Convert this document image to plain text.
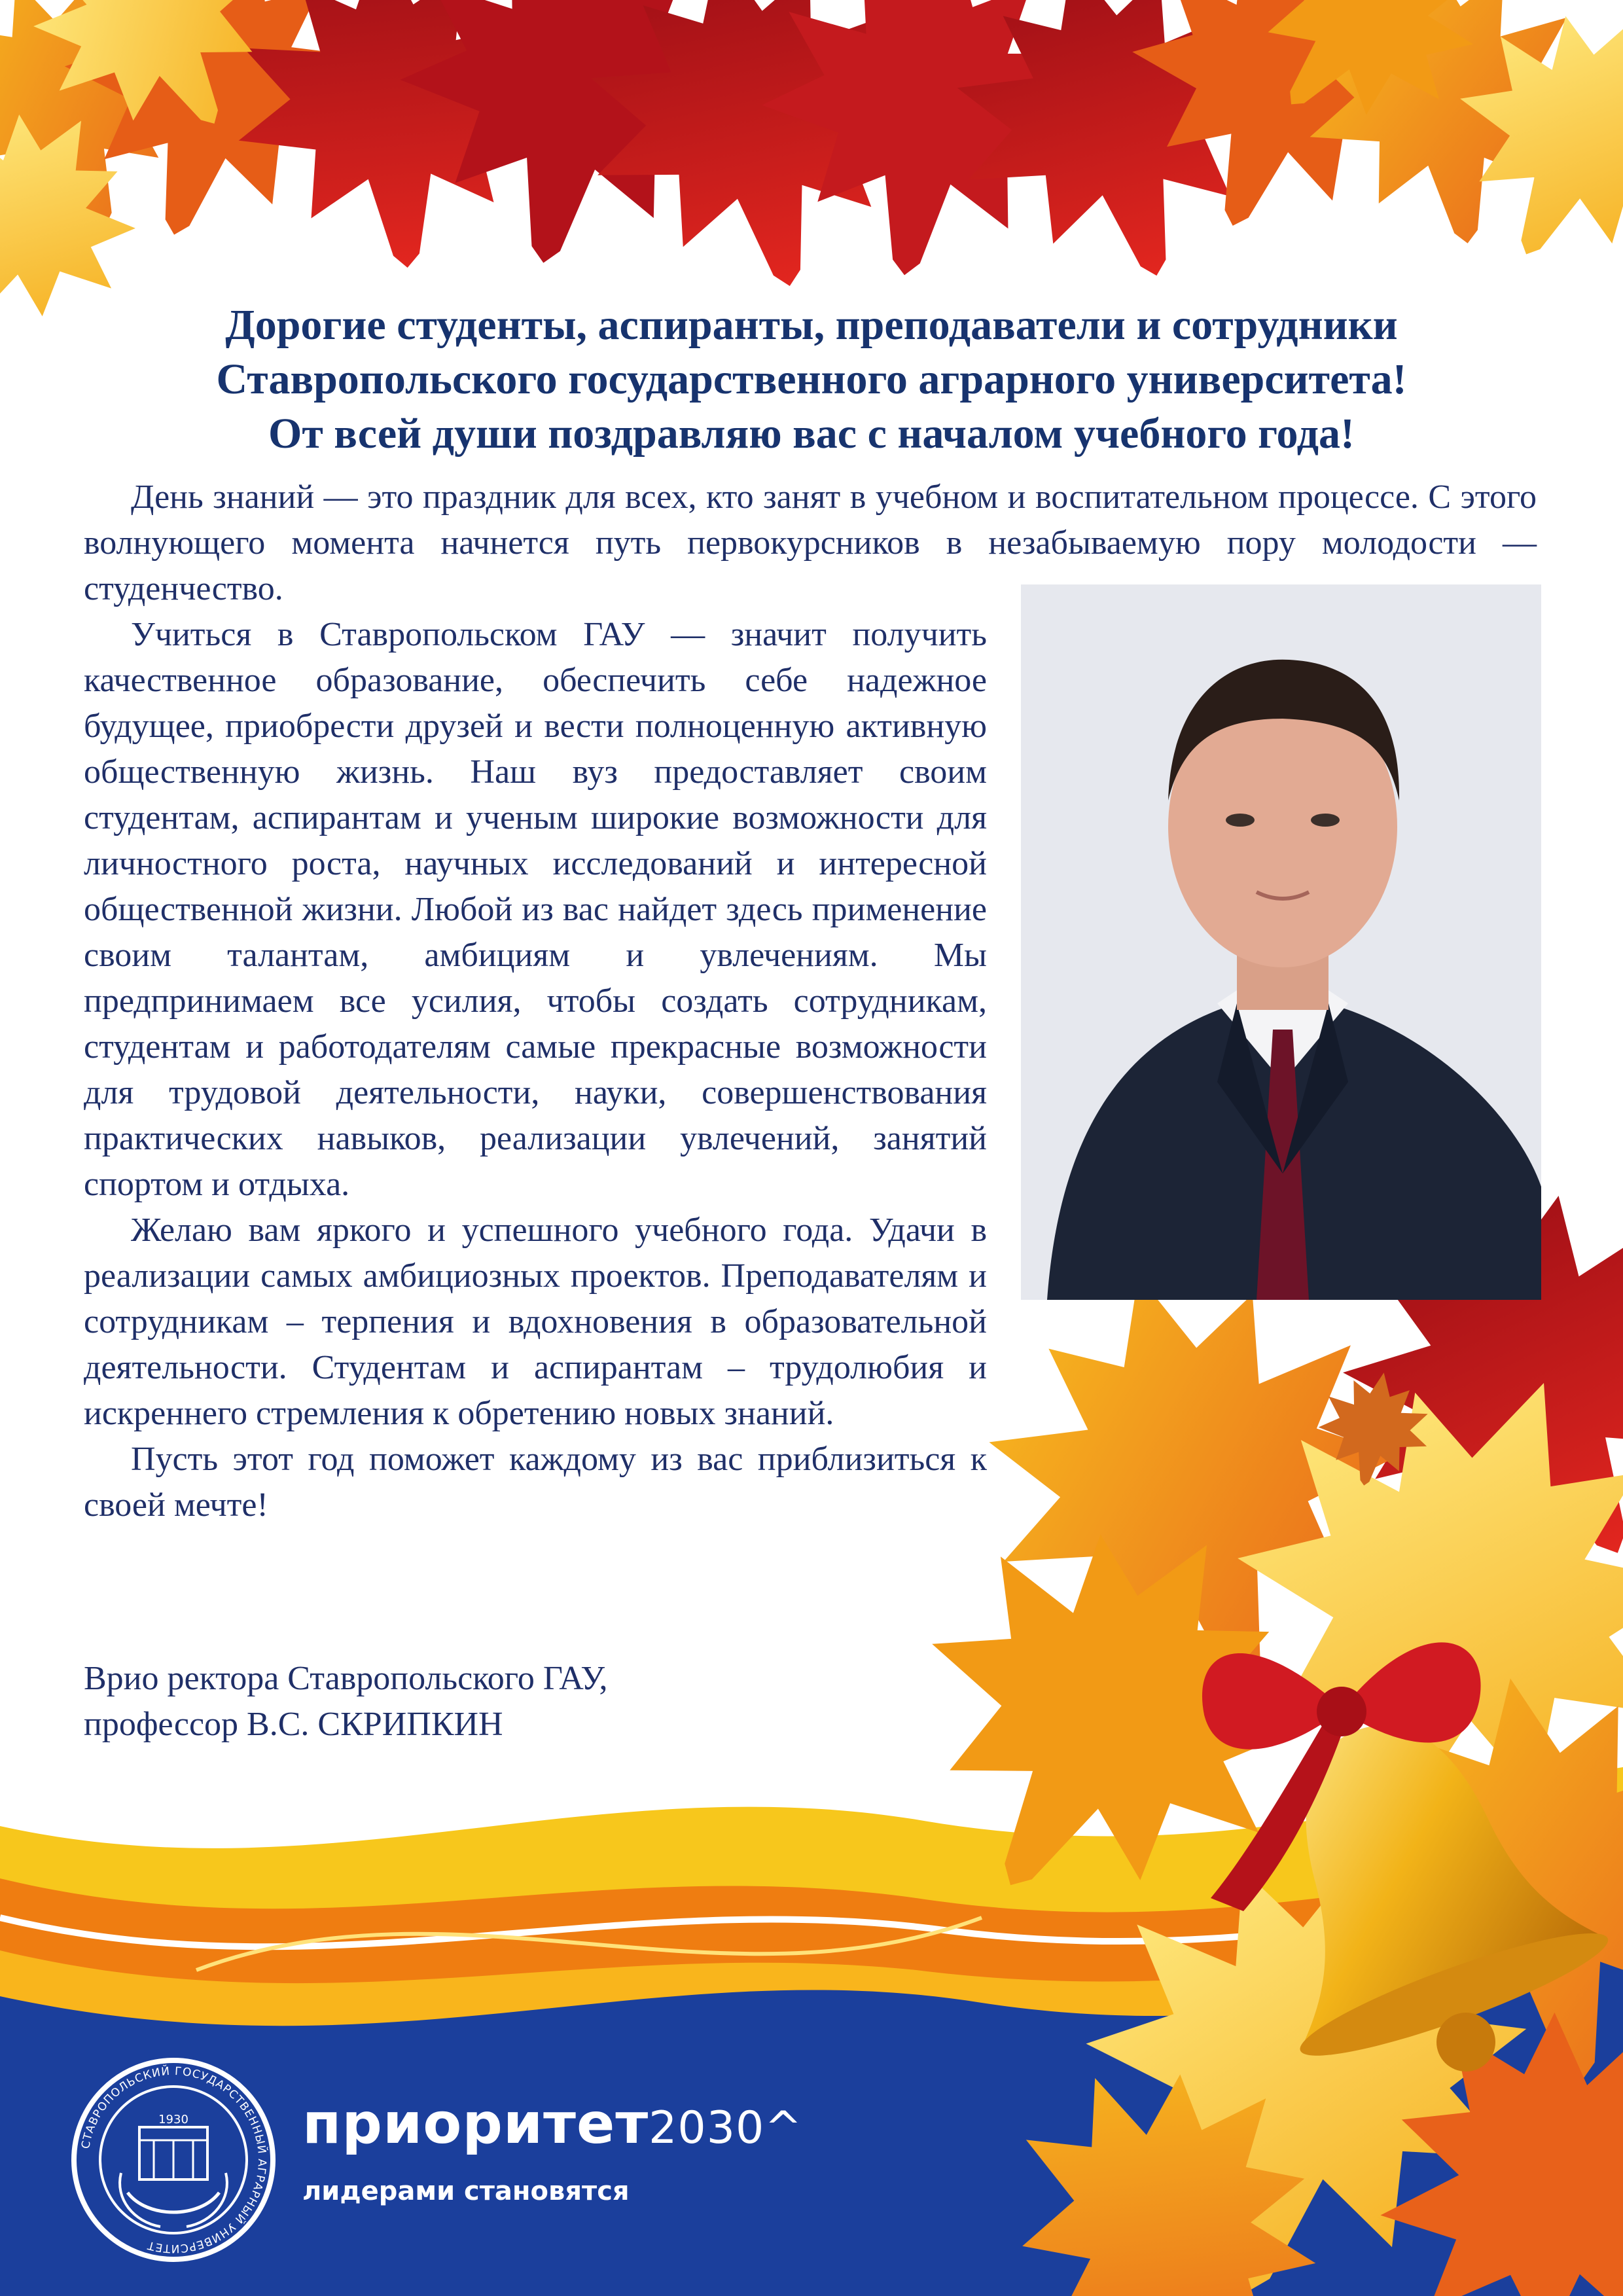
Дорогие студенты, аспиранты, преподаватели и сотрудники
Ставропольского государственного аграрного университета!
От всей души поздравляю вас с началом учебного года!

День знаний — это праздник для всех, кто занят в учебном и воспитательном процессе. С этого волнующего момента начнется путь первокурсников в незабываемую пору молодости — студенчество.

Учиться в Ставропольском ГАУ — значит получить качественное образование, обеспечить себе надежное будущее, приобрести друзей и вести полноценную активную общественную жизнь. Наш вуз предоставляет своим студентам, аспирантам и ученым широкие возможности для личностного роста, научных исследований и интересной общественной жизни. Любой из вас найдет здесь применение своим талантам, амбициям и увлечениям. Мы предпринимаем все усилия, чтобы создать сотрудникам, студентам и работодателям самые прекрасные возможности для трудовой деятельности, науки, совершенствования практических навыков, реализации увлечений, занятий спортом и отдыха.

Желаю вам яркого и успешного учебного года. Удачи в реализации самых амбициозных проектов. Преподавателям и сотрудникам – терпения и вдохновения в образовательной деятельности. Студентам и аспирантам – трудолюбия и искреннего стремления к обретению новых знаний.

Пусть этот год поможет каждому из вас приблизиться к своей мечте!

Врио ректора Ставропольского ГАУ,
профессор В.С. СКРИПКИН
СТАВРОПОЛЬСКИЙ ГОСУДАРСТВЕННЫЙ АГРАРНЫЙ УНИВЕРСИТЕТ
1930 приоритет2030^
лидерами становятся
